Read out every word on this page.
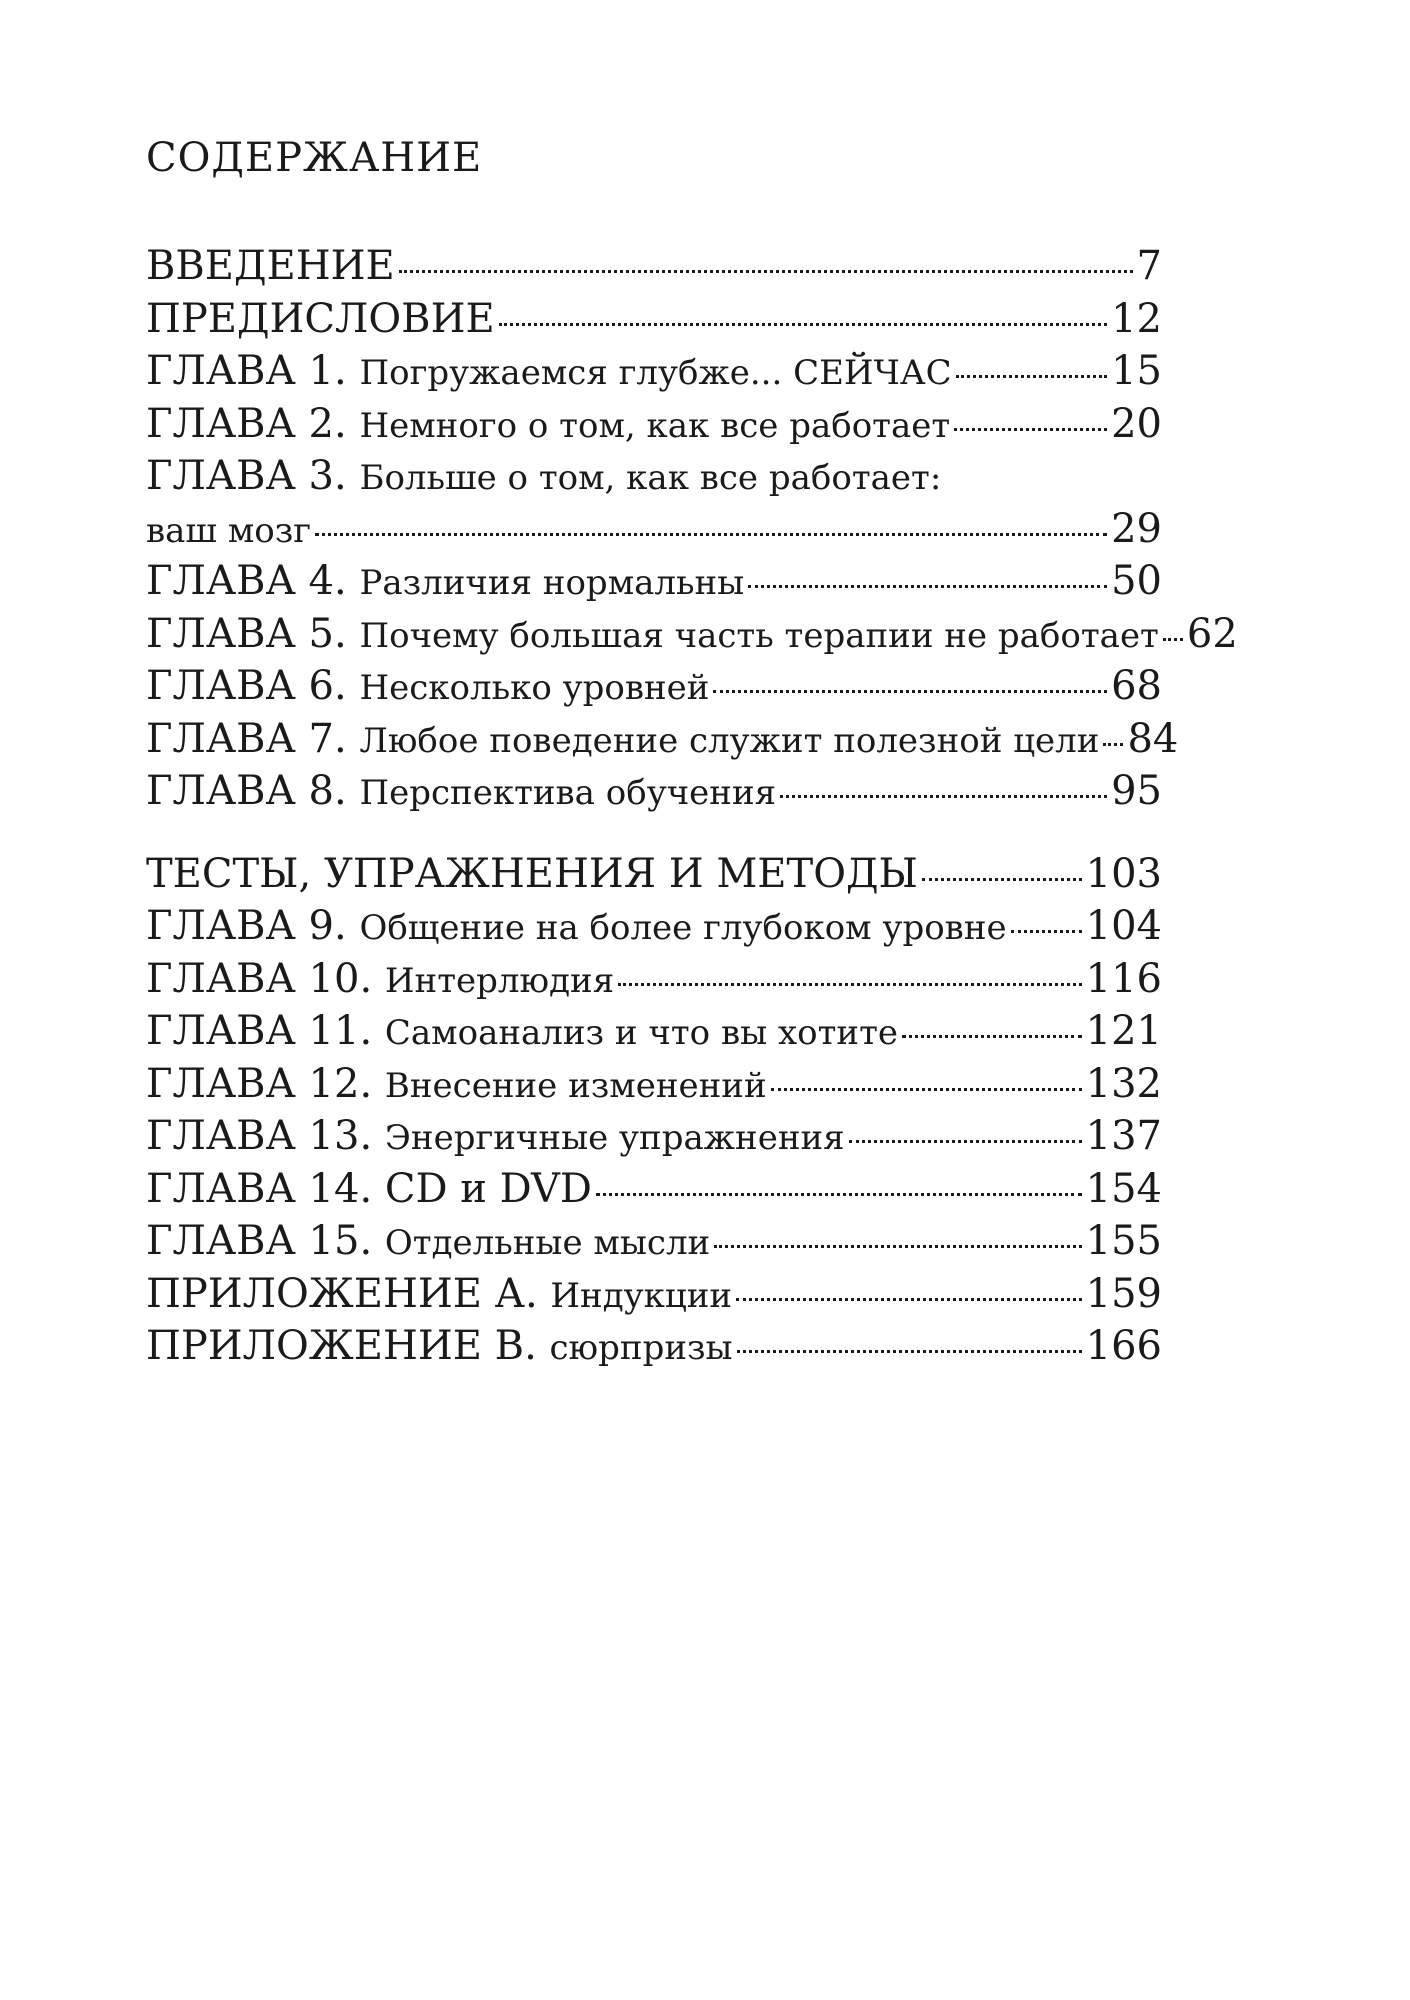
СОДЕРЖАНИЕ
ВВЕДЕНИЕ	7
ПРЕДИСЛОВИЕ	12
ГЛАВА 1. Погружаемся глубже... СЕЙЧАС	15
ГЛАВА 2. Немного о том, как все работает	20
ГЛАВА 3. Больше о том, как все работает:
ваш мозг	29
ГЛАВА 4. Различия нормальны	50
ГЛАВА 5. Почему большая часть терапии не работает 62
ГЛАВА 6. Несколько уровней	68
ГЛАВА 7. Любое поведение служит полезной цели 84
ГЛАВА 8. Перспектива обучения	95
ТЕСТЫ, УПРАЖНЕНИЯ И МЕТОДЫ	103
ГЛАВА 9. Общение на более глубоком уровне 104
ГЛАВА 10. Интерлюдия	116
ГЛАВА 11. Самоанализ и что вы хотите	121
ГЛАВА 12. Внесение изменений	132
ГЛАВА 13. Энергичные упражнения	137
ГЛАВА 14. CD и DVD	154
ГЛАВА 15. Отдельные мысли	155
ПРИЛОЖЕНИЕ А. Индукции	159
ПРИЛОЖЕНИЕ В. сюрпризы	166
